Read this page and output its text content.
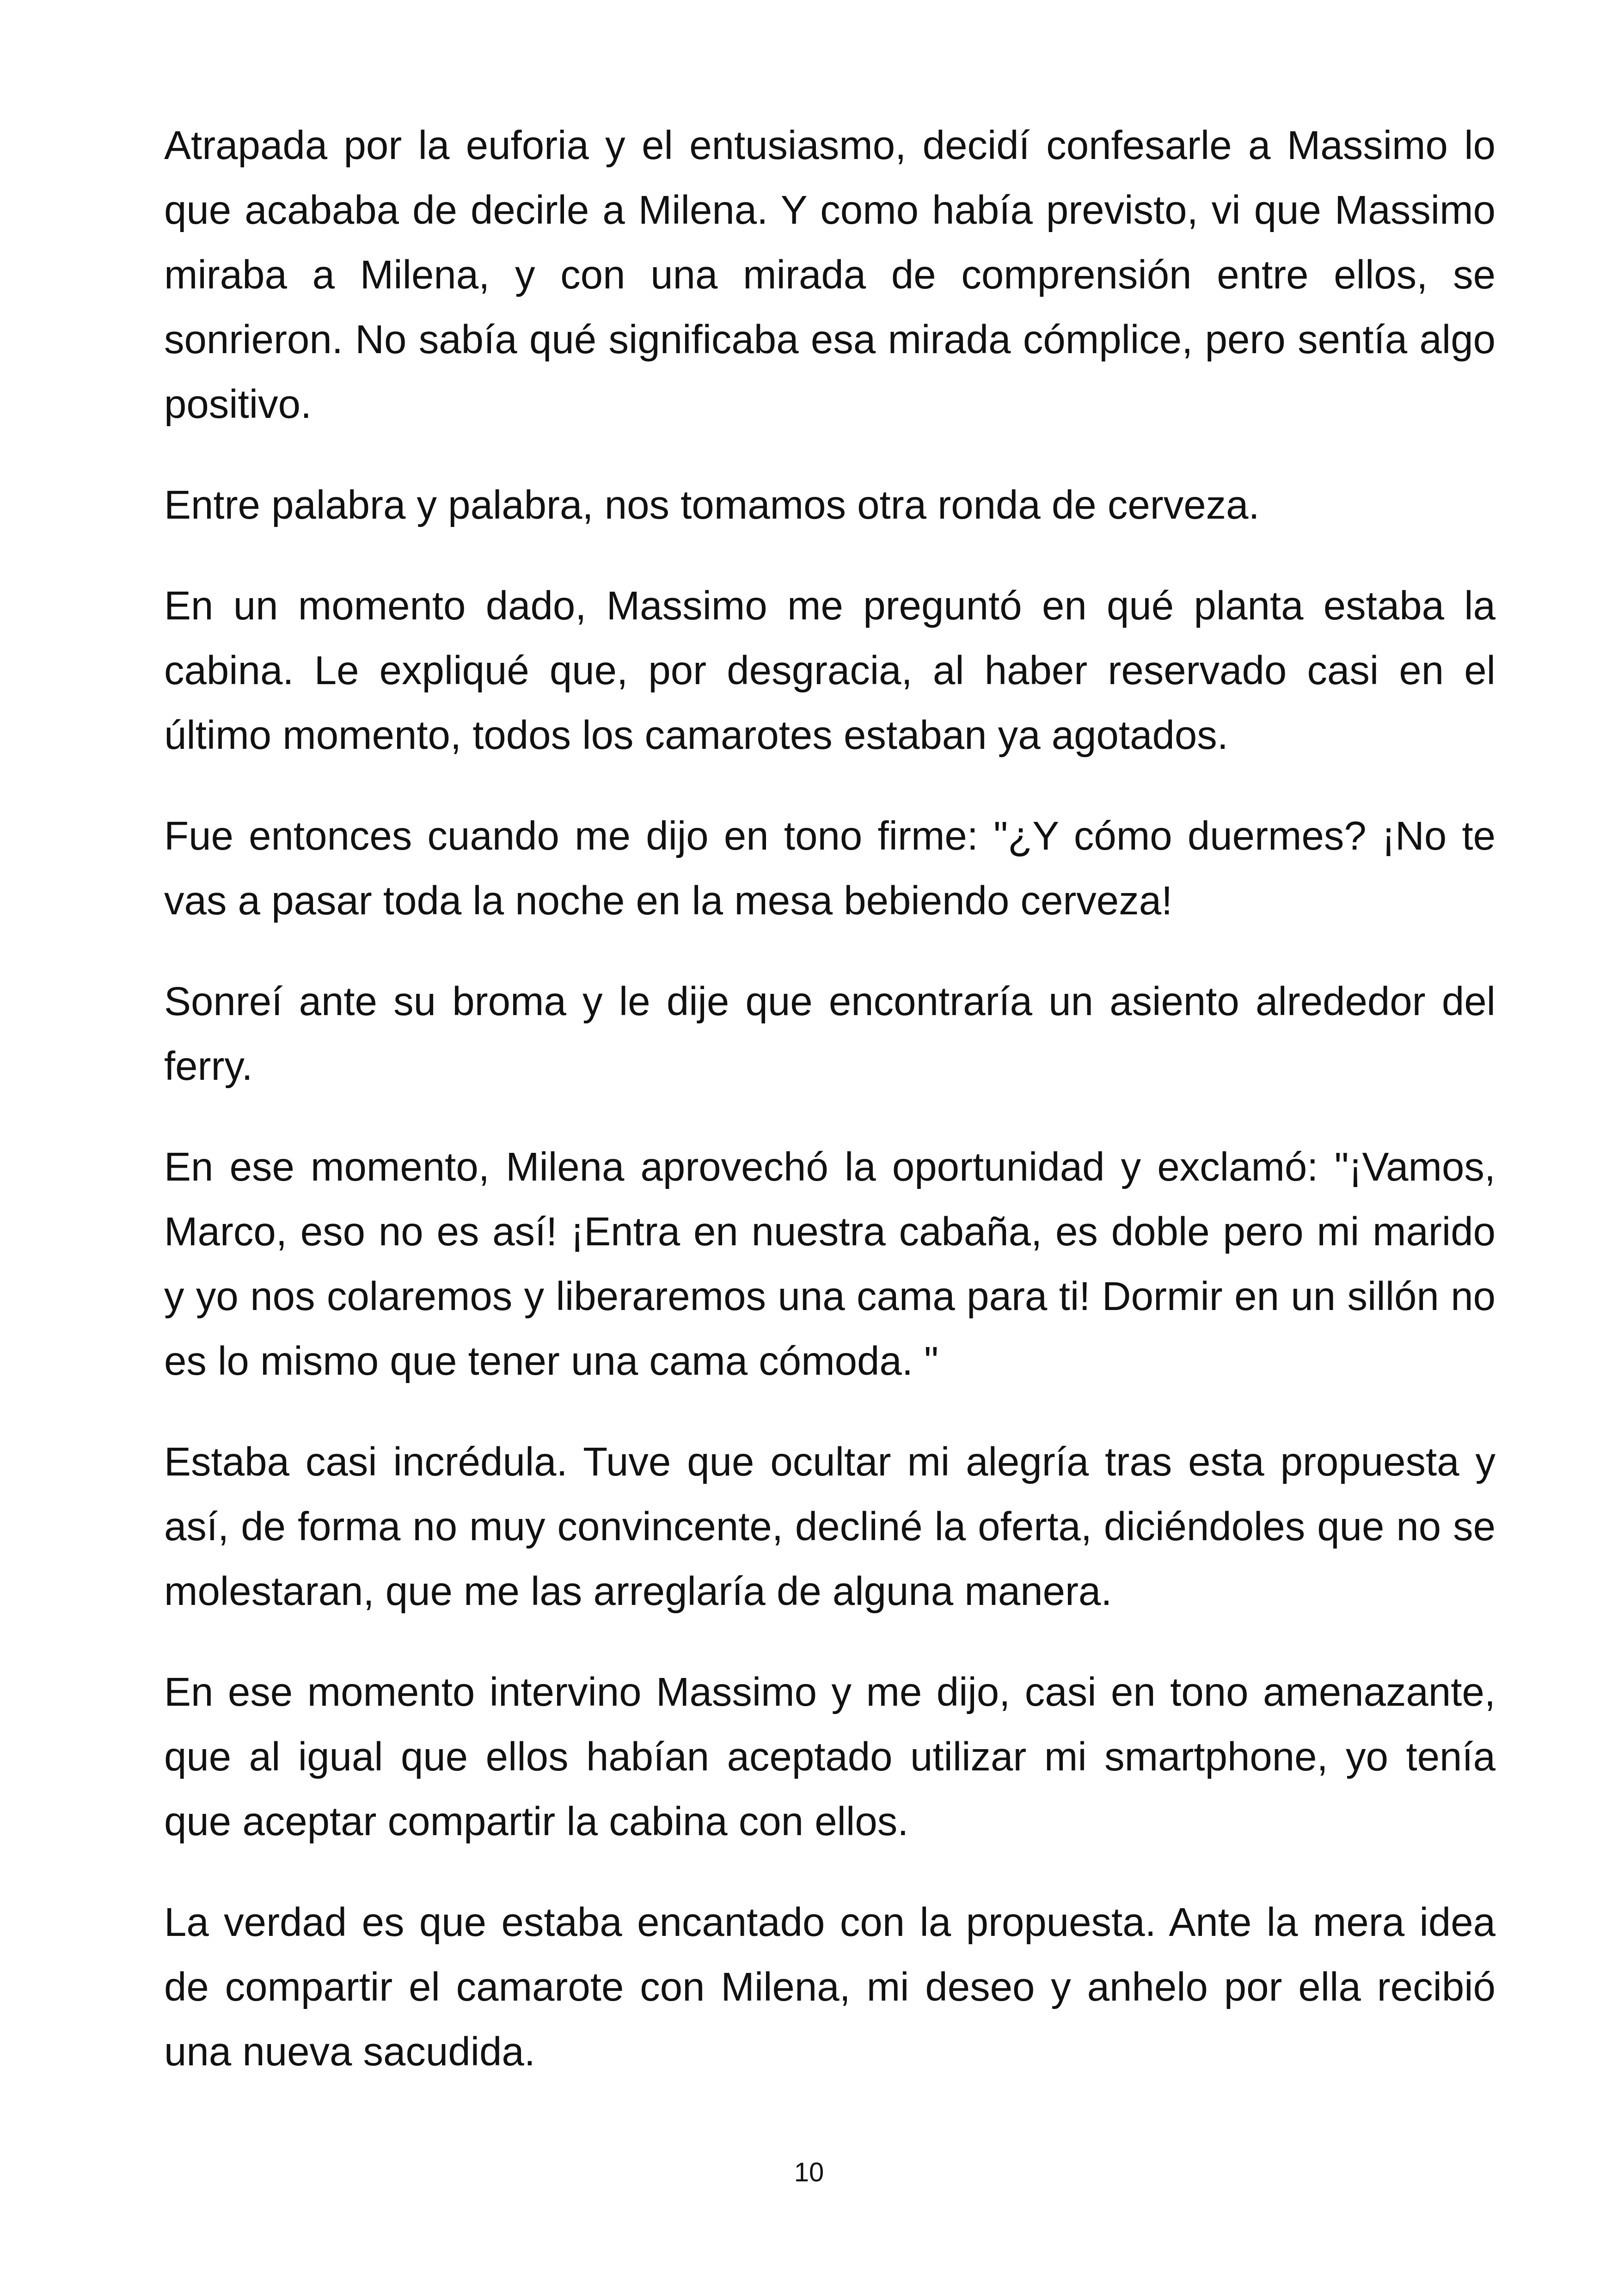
Atrapada por la euforia y el entusiasmo, decidí confesarle a Massimo lo que acababa de decirle a Milena. Y como había previsto, vi que Massimo miraba a Milena, y con una mirada de comprensión entre ellos, se sonrieron. No sabía qué significaba esa mirada cómplice, pero sentía algo positivo.

Entre palabra y palabra, nos tomamos otra ronda de cerveza.

En un momento dado, Massimo me preguntó en qué planta estaba la cabina. Le expliqué que, por desgracia, al haber reservado casi en el último momento, todos los camarotes estaban ya agotados.

Fue entonces cuando me dijo en tono firme: "¿Y cómo duermes? ¡No te vas a pasar toda la noche en la mesa bebiendo cerveza!

Sonreí ante su broma y le dije que encontraría un asiento alrededor del ferry.

En ese momento, Milena aprovechó la oportunidad y exclamó: "¡Vamos, Marco, eso no es así! ¡Entra en nuestra cabaña, es doble pero mi marido y yo nos colaremos y liberaremos una cama para ti! Dormir en un sillón no es lo mismo que tener una cama cómoda. "

Estaba casi incrédula. Tuve que ocultar mi alegría tras esta propuesta y así, de forma no muy convincente, decliné la oferta, diciéndoles que no se molestaran, que me las arreglaría de alguna manera.

En ese momento intervino Massimo y me dijo, casi en tono amenazante, que al igual que ellos habían aceptado utilizar mi smartphone, yo tenía que aceptar compartir la cabina con ellos.

La verdad es que estaba encantado con la propuesta. Ante la mera idea de compartir el camarote con Milena, mi deseo y anhelo por ella recibió una nueva sacudida.

10
